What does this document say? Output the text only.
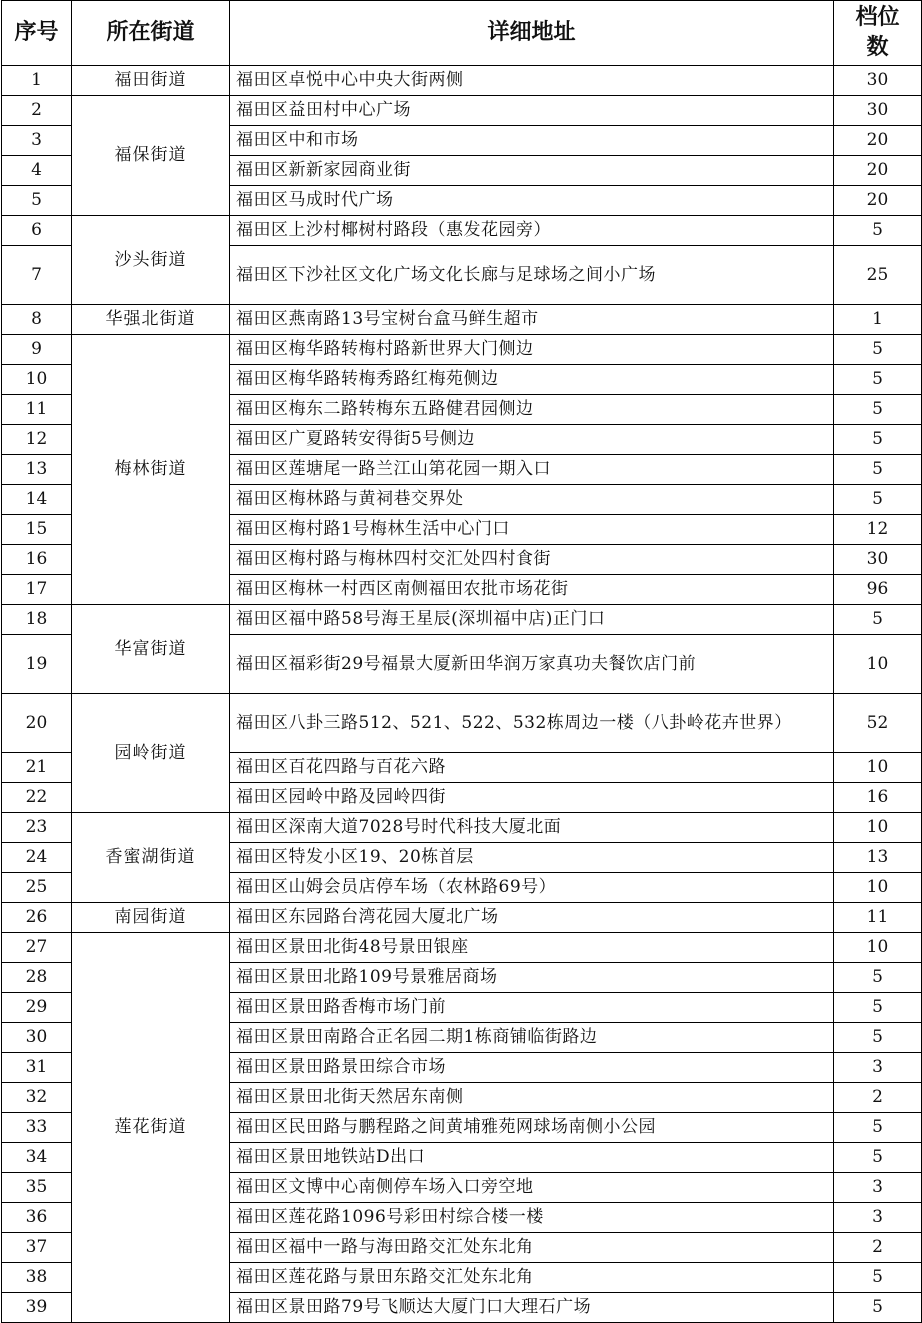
序号	所在街道	详细地址	档位数
1	福田街道	福田区卓悦中心中央大街两侧	30
2	福保街道	福田区益田村中心广场	30
3		福田区中和市场	20
4		福田区新新家园商业街	20
5		福田区马成时代广场	20
6	沙头街道	福田区上沙村椰树村路段（惠发花园旁）	5
7		福田区下沙社区文化广场文化长廊与足球场之间小广场	25
8	华强北街道	福田区燕南路13号宝树台盒马鲜生超市	1
9	梅林街道	福田区梅华路转梅村路新世界大门侧边	5
10		福田区梅华路转梅秀路红梅苑侧边	5
11		福田区梅东二路转梅东五路健君园侧边	5
12		福田区广夏路转安得街5号侧边	5
13		福田区莲塘尾一路兰江山第花园一期入口	5
14		福田区梅林路与黄祠巷交界处	5
15		福田区梅村路1号梅林生活中心门口	12
16		福田区梅村路与梅林四村交汇处四村食街	30
17		福田区梅林一村西区南侧福田农批市场花街	96
18	华富街道	福田区福中路58号海王星辰(深圳福中店)正门口	5
19		福田区福彩街29号福景大厦新田华润万家真功夫餐饮店门前	10
20	园岭街道	福田区八卦三路512、521、522、532栋周边一楼（八卦岭花卉世界）	52
21		福田区百花四路与百花六路	10
22		福田区园岭中路及园岭四街	16
23	香蜜湖街道	福田区深南大道7028号时代科技大厦北面	10
24		福田区特发小区19、20栋首层	13
25		福田区山姆会员店停车场（农林路69号）	10
26	南园街道	福田区东园路台湾花园大厦北广场	11
27	莲花街道	福田区景田北街48号景田银座	10
28		福田区景田北路109号景雅居商场	5
29		福田区景田路香梅市场门前	5
30		福田区景田南路合正名园二期1栋商铺临街路边	5
31		福田区景田路景田综合市场	3
32		福田区景田北街天然居东南侧	2
33		福田区民田路与鹏程路之间黄埔雅苑网球场南侧小公园	5
34		福田区景田地铁站D出口	5
35		福田区文博中心南侧停车场入口旁空地	3
36		福田区莲花路1096号彩田村综合楼一楼	3
37		福田区福中一路与海田路交汇处东北角	2
38		福田区莲花路与景田东路交汇处东北角	5
39		福田区景田路79号飞顺达大厦门口大理石广场	5
